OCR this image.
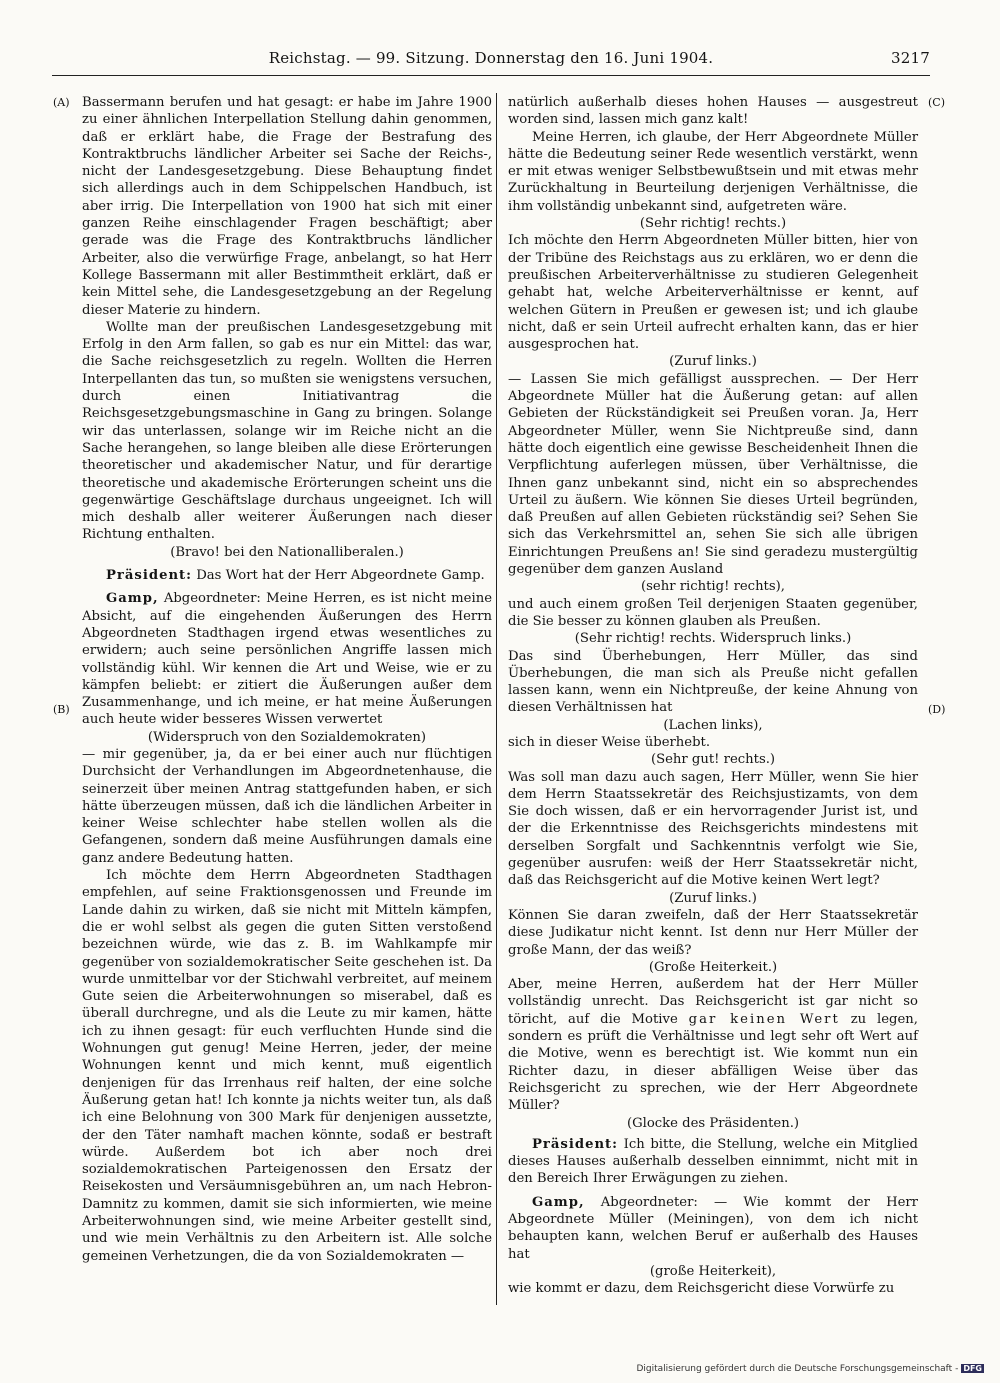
Reichstag. — 99. Sitzung. Donnerstag den 16. Juni 1904.	3217
(A)
(B)
(C)
(D)

Bassermann berufen und hat gesagt: er habe im Jahre 1900 zu einer ähnlichen Interpellation Stellung dahin genommen, daß er erklärt habe, die Frage der Bestrafung des Kontraktbruchs ländlicher Arbeiter sei Sache der Reichs-, nicht der Landesgesetzgebung. Diese Behauptung findet sich allerdings auch in dem Schippelschen Handbuch, ist aber irrig. Die Interpellation von 1900 hat sich mit einer ganzen Reihe einschlagender Fragen beschäftigt; aber gerade was die Frage des Kontraktbruchs ländlicher Arbeiter, also die verwürfige Frage, anbelangt, so hat Herr Kollege Bassermann mit aller Bestimmtheit erklärt, daß er kein Mittel sehe, die Landesgesetzgebung an der Regelung dieser Materie zu hindern.

Wollte man der preußischen Landesgesetzgebung mit Erfolg in den Arm fallen, so gab es nur ein Mittel: das war, die Sache reichsgesetzlich zu regeln. Wollten die Herren Interpellanten das tun, so mußten sie wenigstens versuchen, durch einen Initiativantrag die Reichsgesetzgebungsmaschine in Gang zu bringen. Solange wir das unterlassen, solange wir im Reiche nicht an die Sache herangehen, so lange bleiben alle diese Erörterungen theoretischer und akademischer Natur, und für derartige theoretische und akademische Erörterungen scheint uns die gegenwärtige Geschäftslage durchaus ungeeignet. Ich will mich deshalb aller weiterer Äußerungen nach dieser Richtung enthalten.

(Bravo! bei den Nationalliberalen.)

Präsident: Das Wort hat der Herr Abgeordnete Gamp.

Gamp, Abgeordneter: Meine Herren, es ist nicht meine Absicht, auf die eingehenden Äußerungen des Herrn Abgeordneten Stadthagen irgend etwas wesentliches zu erwidern; auch seine persönlichen Angriffe lassen mich vollständig kühl. Wir kennen die Art und Weise, wie er zu kämpfen beliebt: er zitiert die Äußerungen außer dem Zusammenhange, und ich meine, er hat meine Äußerungen auch heute wider besseres Wissen verwertet

(Widerspruch von den Sozialdemokraten)

— mir gegenüber, ja, da er bei einer auch nur flüchtigen Durchsicht der Verhandlungen im Abgeordnetenhause, die seinerzeit über meinen Antrag stattgefunden haben, er sich hätte überzeugen müssen, daß ich die ländlichen Arbeiter in keiner Weise schlechter habe stellen wollen als die Gefangenen, sondern daß meine Ausführungen damals eine ganz andere Bedeutung hatten.

Ich möchte dem Herrn Abgeordneten Stadthagen empfehlen, auf seine Fraktionsgenossen und Freunde im Lande dahin zu wirken, daß sie nicht mit Mitteln kämpfen, die er wohl selbst als gegen die guten Sitten verstoßend bezeichnen würde, wie das z. B. im Wahlkampfe mir gegenüber von sozialdemokratischer Seite geschehen ist. Da wurde unmittelbar vor der Stichwahl verbreitet, auf meinem Gute seien die Arbeiterwohnungen so miserabel, daß es überall durchregne, und als die Leute zu mir kamen, hätte ich zu ihnen gesagt: für euch verfluchten Hunde sind die Wohnungen gut genug! Meine Herren, jeder, der meine Wohnungen kennt und mich kennt, muß eigentlich denjenigen für das Irrenhaus reif halten, der eine solche Äußerung getan hat! Ich konnte ja nichts weiter tun, als daß ich eine Belohnung von 300 Mark für denjenigen aussetzte, der den Täter namhaft machen könnte, sodaß er bestraft würde. Außerdem bot ich aber noch drei sozialdemokratischen Parteigenossen den Ersatz der Reisekosten und Versäumnisgebühren an, um nach Hebron-Damnitz zu kommen, damit sie sich informierten, wie meine Arbeiterwohnungen sind, wie meine Arbeiter gestellt sind, und wie mein Verhältnis zu den Arbeitern ist. Alle solche gemeinen Verhetzungen, die da von Sozialdemokraten —

natürlich außerhalb dieses hohen Hauses — ausgestreut worden sind, lassen mich ganz kalt!

Meine Herren, ich glaube, der Herr Abgeordnete Müller hätte die Bedeutung seiner Rede wesentlich verstärkt, wenn er mit etwas weniger Selbstbewußtsein und mit etwas mehr Zurückhaltung in Beurteilung derjenigen Verhältnisse, die ihm vollständig unbekannt sind, aufgetreten wäre.

(Sehr richtig! rechts.)

Ich möchte den Herrn Abgeordneten Müller bitten, hier von der Tribüne des Reichstags aus zu erklären, wo er denn die preußischen Arbeiterverhältnisse zu studieren Gelegenheit gehabt hat, welche Arbeiterverhältnisse er kennt, auf welchen Gütern in Preußen er gewesen ist; und ich glaube nicht, daß er sein Urteil aufrecht erhalten kann, das er hier ausgesprochen hat.

(Zuruf links.)

— Lassen Sie mich gefälligst aussprechen. — Der Herr Abgeordnete Müller hat die Äußerung getan: auf allen Gebieten der Rückständigkeit sei Preußen voran. Ja, Herr Abgeordneter Müller, wenn Sie Nichtpreuße sind, dann hätte doch eigentlich eine gewisse Bescheidenheit Ihnen die Verpflichtung auferlegen müssen, über Verhältnisse, die Ihnen ganz unbekannt sind, nicht ein so absprechendes Urteil zu äußern. Wie können Sie dieses Urteil begründen, daß Preußen auf allen Gebieten rückständig sei? Sehen Sie sich das Verkehrsmittel an, sehen Sie sich alle übrigen Einrichtungen Preußens an! Sie sind geradezu mustergültig gegenüber dem ganzen Ausland

(sehr richtig! rechts),

und auch einem großen Teil derjenigen Staaten gegenüber, die Sie besser zu können glauben als Preußen.

(Sehr richtig! rechts. Widerspruch links.)

Das sind Überhebungen, Herr Müller, das sind Überhebungen, die man sich als Preuße nicht gefallen lassen kann, wenn ein Nichtpreuße, der keine Ahnung von diesen Verhältnissen hat

(Lachen links),

sich in dieser Weise überhebt.

(Sehr gut! rechts.)

Was soll man dazu auch sagen, Herr Müller, wenn Sie hier dem Herrn Staatssekretär des Reichsjustizamts, von dem Sie doch wissen, daß er ein hervorragender Jurist ist, und der die Erkenntnisse des Reichsgerichts mindestens mit derselben Sorgfalt und Sachkenntnis verfolgt wie Sie, gegenüber ausrufen: weiß der Herr Staatssekretär nicht, daß das Reichsgericht auf die Motive keinen Wert legt?

(Zuruf links.)

Können Sie daran zweifeln, daß der Herr Staatssekretär diese Judikatur nicht kennt. Ist denn nur Herr Müller der große Mann, der das weiß?

(Große Heiterkeit.)

Aber, meine Herren, außerdem hat der Herr Müller vollständig unrecht. Das Reichsgericht ist gar nicht so töricht, auf die Motive gar keinen Wert zu legen, sondern es prüft die Verhältnisse und legt sehr oft Wert auf die Motive, wenn es berechtigt ist. Wie kommt nun ein Richter dazu, in dieser abfälligen Weise über das Reichsgericht zu sprechen, wie der Herr Abgeordnete Müller?

(Glocke des Präsidenten.)

Präsident: Ich bitte, die Stellung, welche ein Mitglied dieses Hauses außerhalb desselben einnimmt, nicht mit in den Bereich Ihrer Erwägungen zu ziehen.

Gamp, Abgeordneter: — Wie kommt der Herr Abgeordnete Müller (Meiningen), von dem ich nicht behaupten kann, welchen Beruf er außerhalb des Hauses hat

(große Heiterkeit),

wie kommt er dazu, dem Reichsgericht diese Vorwürfe zu

Digitalisierung gefördert durch die Deutsche Forschungsgemeinschaft - DFG
